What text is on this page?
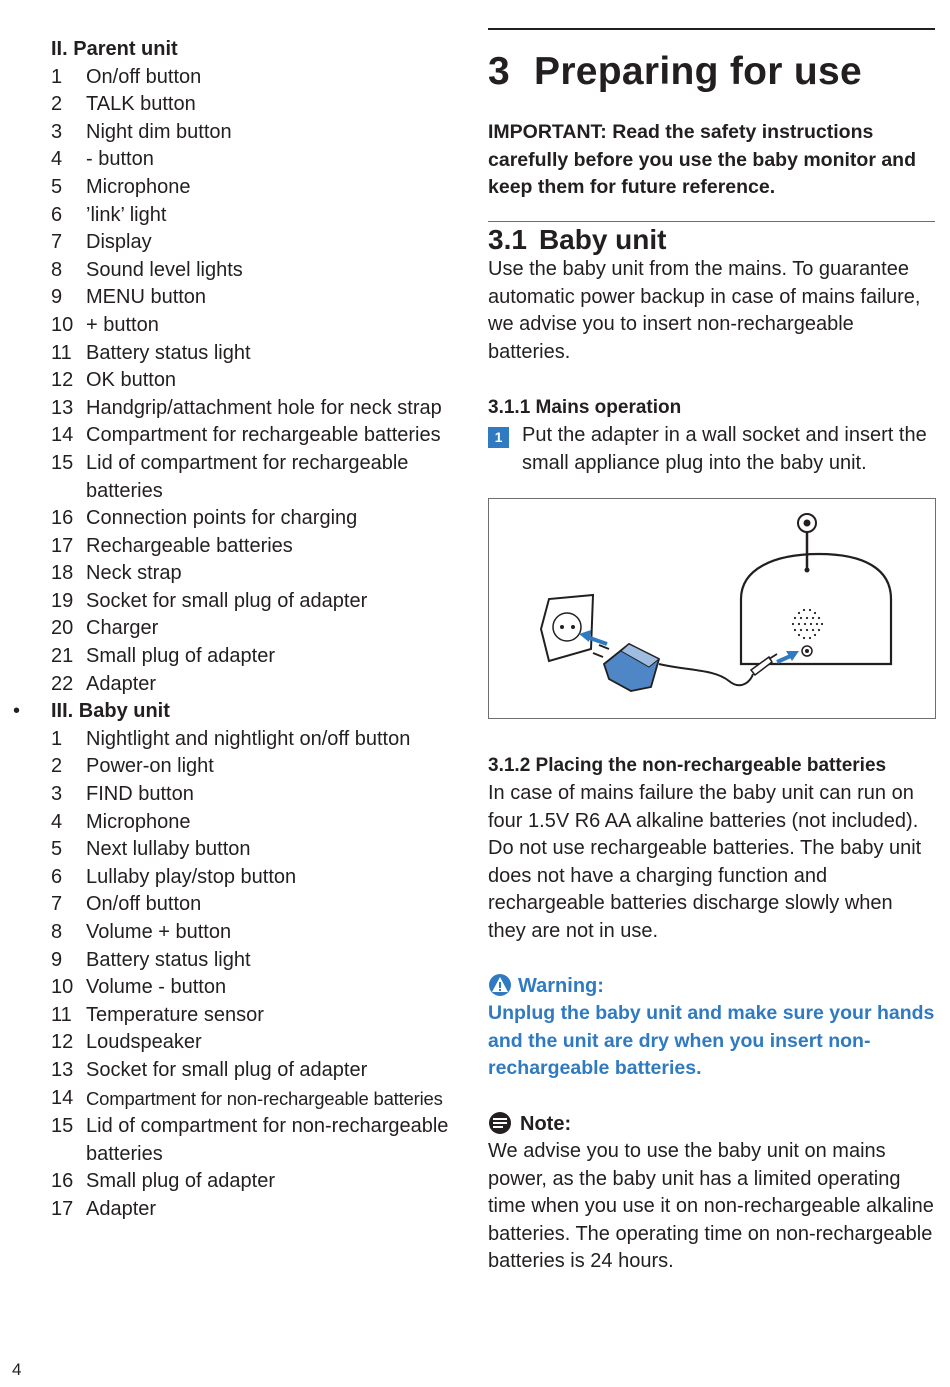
II. Parent unit
1 On/off button
2 TALK button
3 Night dim button
4 - button
5 Microphone
6 ’link’ light
7 Display
8 Sound level lights
9 MENU button
10 + button
11 Battery status light
12 OK button
13 Handgrip/attachment hole for neck strap
14 Compartment for rechargeable batteries
15 Lid of compartment for rechargeable batteries
16 Connection points for charging
17 Rechargeable batteries
18 Neck strap
19 Socket for small plug of adapter
20 Charger
21 Small plug of adapter
22 Adapter
• III. Baby unit
1 Nightlight and nightlight on/off button
2 Power-on light
3 FIND button
4 Microphone
5 Next lullaby button
6 Lullaby play/stop button
7 On/off button
8 Volume + button
9 Battery status light
10 Volume - button
11 Temperature sensor
12 Loudspeaker
13 Socket for small plug of adapter
14 Compartment for non-rechargeable batteries
15 Lid of compartment for non-rechargeable batteries
16 Small plug of adapter
17 Adapter
3 Preparing for use
IMPORTANT: Read the safety instructions carefully before you use the baby monitor and keep them for future reference.
3.1 Baby unit
Use the baby unit from the mains. To guarantee automatic power backup in case of mains failure, we advise you to insert non-rechargeable batteries.
3.1.1 Mains operation
1 Put the adapter in a wall socket and insert the small appliance plug into the baby unit.
3.1.2 Placing the non-rechargeable batteries
In case of mains failure the baby unit can run on four 1.5V R6 AA alkaline batteries (not included). Do not use rechargeable batteries. The baby unit does not have a charging function and rechargeable batteries discharge slowly when they are not in use.
Warning:
Unplug the baby unit and make sure your hands and the unit are dry when you insert non-rechargeable batteries.
Note:
We advise you to use the baby unit on mains power, as the baby unit has a limited operating time when you use it on non-rechargeable alkaline batteries. The operating time on non-rechargeable batteries is 24 hours.
4
